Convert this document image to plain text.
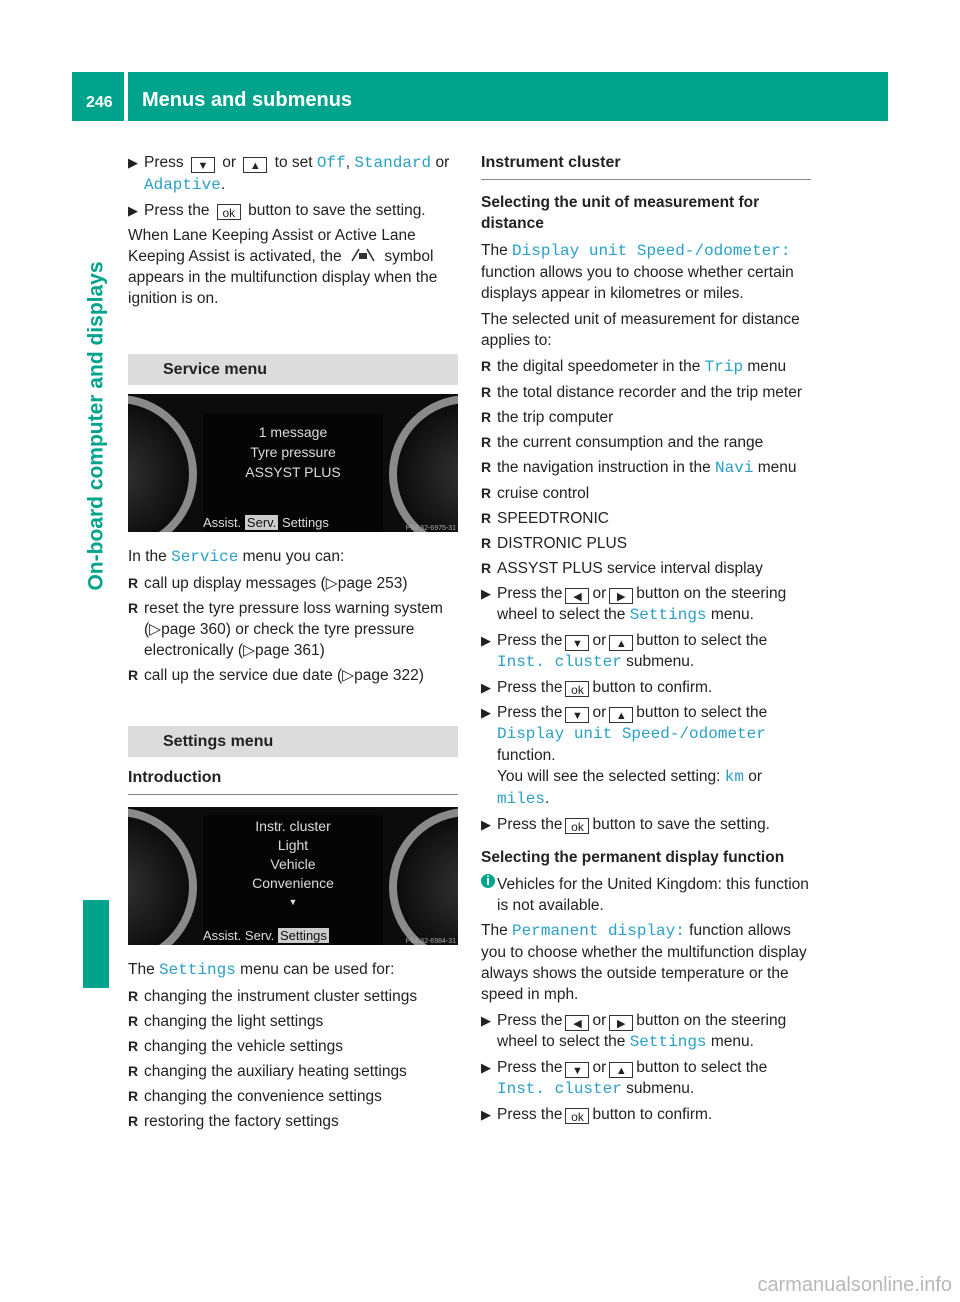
246 Menus and submenus
On-board computer and displays
▶ Press ▼ or ▲ to set Off, Standard or Adaptive.
▶ Press the ok button to save the setting.

When Lane Keeping Assist or Active Lane Keeping Assist is activated, the	symbol appears in the multifunction display when the ignition is on.

Service menu
1 message
Tyre pressure
ASSYST PLUS
Assist. Serv. Settings	P54.32-6975-31

In the Service menu you can:

R call up display messages (▷page 253)
R reset the tyre pressure loss warning system (▷page 360) or check the tyre pressure electronically (▷page 361)
R call up the service due date (▷page 322)
Settings menu
Introduction
Instr. cluster
Light
Vehicle
Convenience
▼
Assist. Serv. Settings	P54.32-6984-31

The Settings menu can be used for:

R changing the instrument cluster settings
R changing the light settings
R changing the vehicle settings
R changing the auxiliary heating settings
R changing the convenience settings
R restoring the factory settings
Instrument cluster
Selecting the unit of measurement for distance

The Display unit Speed-/odometer: function allows you to choose whether certain displays appear in kilometres or miles.

The selected unit of measurement for distance applies to:

R the digital speedometer in the Trip menu
R the total distance recorder and the trip meter
R the trip computer
R the current consumption and the range
R the navigation instruction in the Navi menu
R cruise control
R SPEEDTRONIC
R DISTRONIC PLUS
R ASSYST PLUS service interval display
▶ Press the ◀ or ▶ button on the steering wheel to select the Settings menu.
▶ Press the ▼ or ▲ button to select the Inst. cluster submenu.
▶ Press the ok button to confirm.
▶ Press the ▼ or ▲ button to select the Display unit Speed-/odometer function.
You will see the selected setting: km or miles.
▶ Press the ok button to save the setting.
Selecting the permanent display function
i Vehicles for the United Kingdom: this function is not available.

The Permanent display: function allows you to choose whether the multifunction display always shows the outside temperature or the speed in mph.

▶ Press the ◀ or ▶ button on the steering wheel to select the Settings menu.
▶ Press the ▼ or ▲ button to select the Inst. cluster submenu.
▶ Press the ok button to confirm.
carmanualsonline.info
